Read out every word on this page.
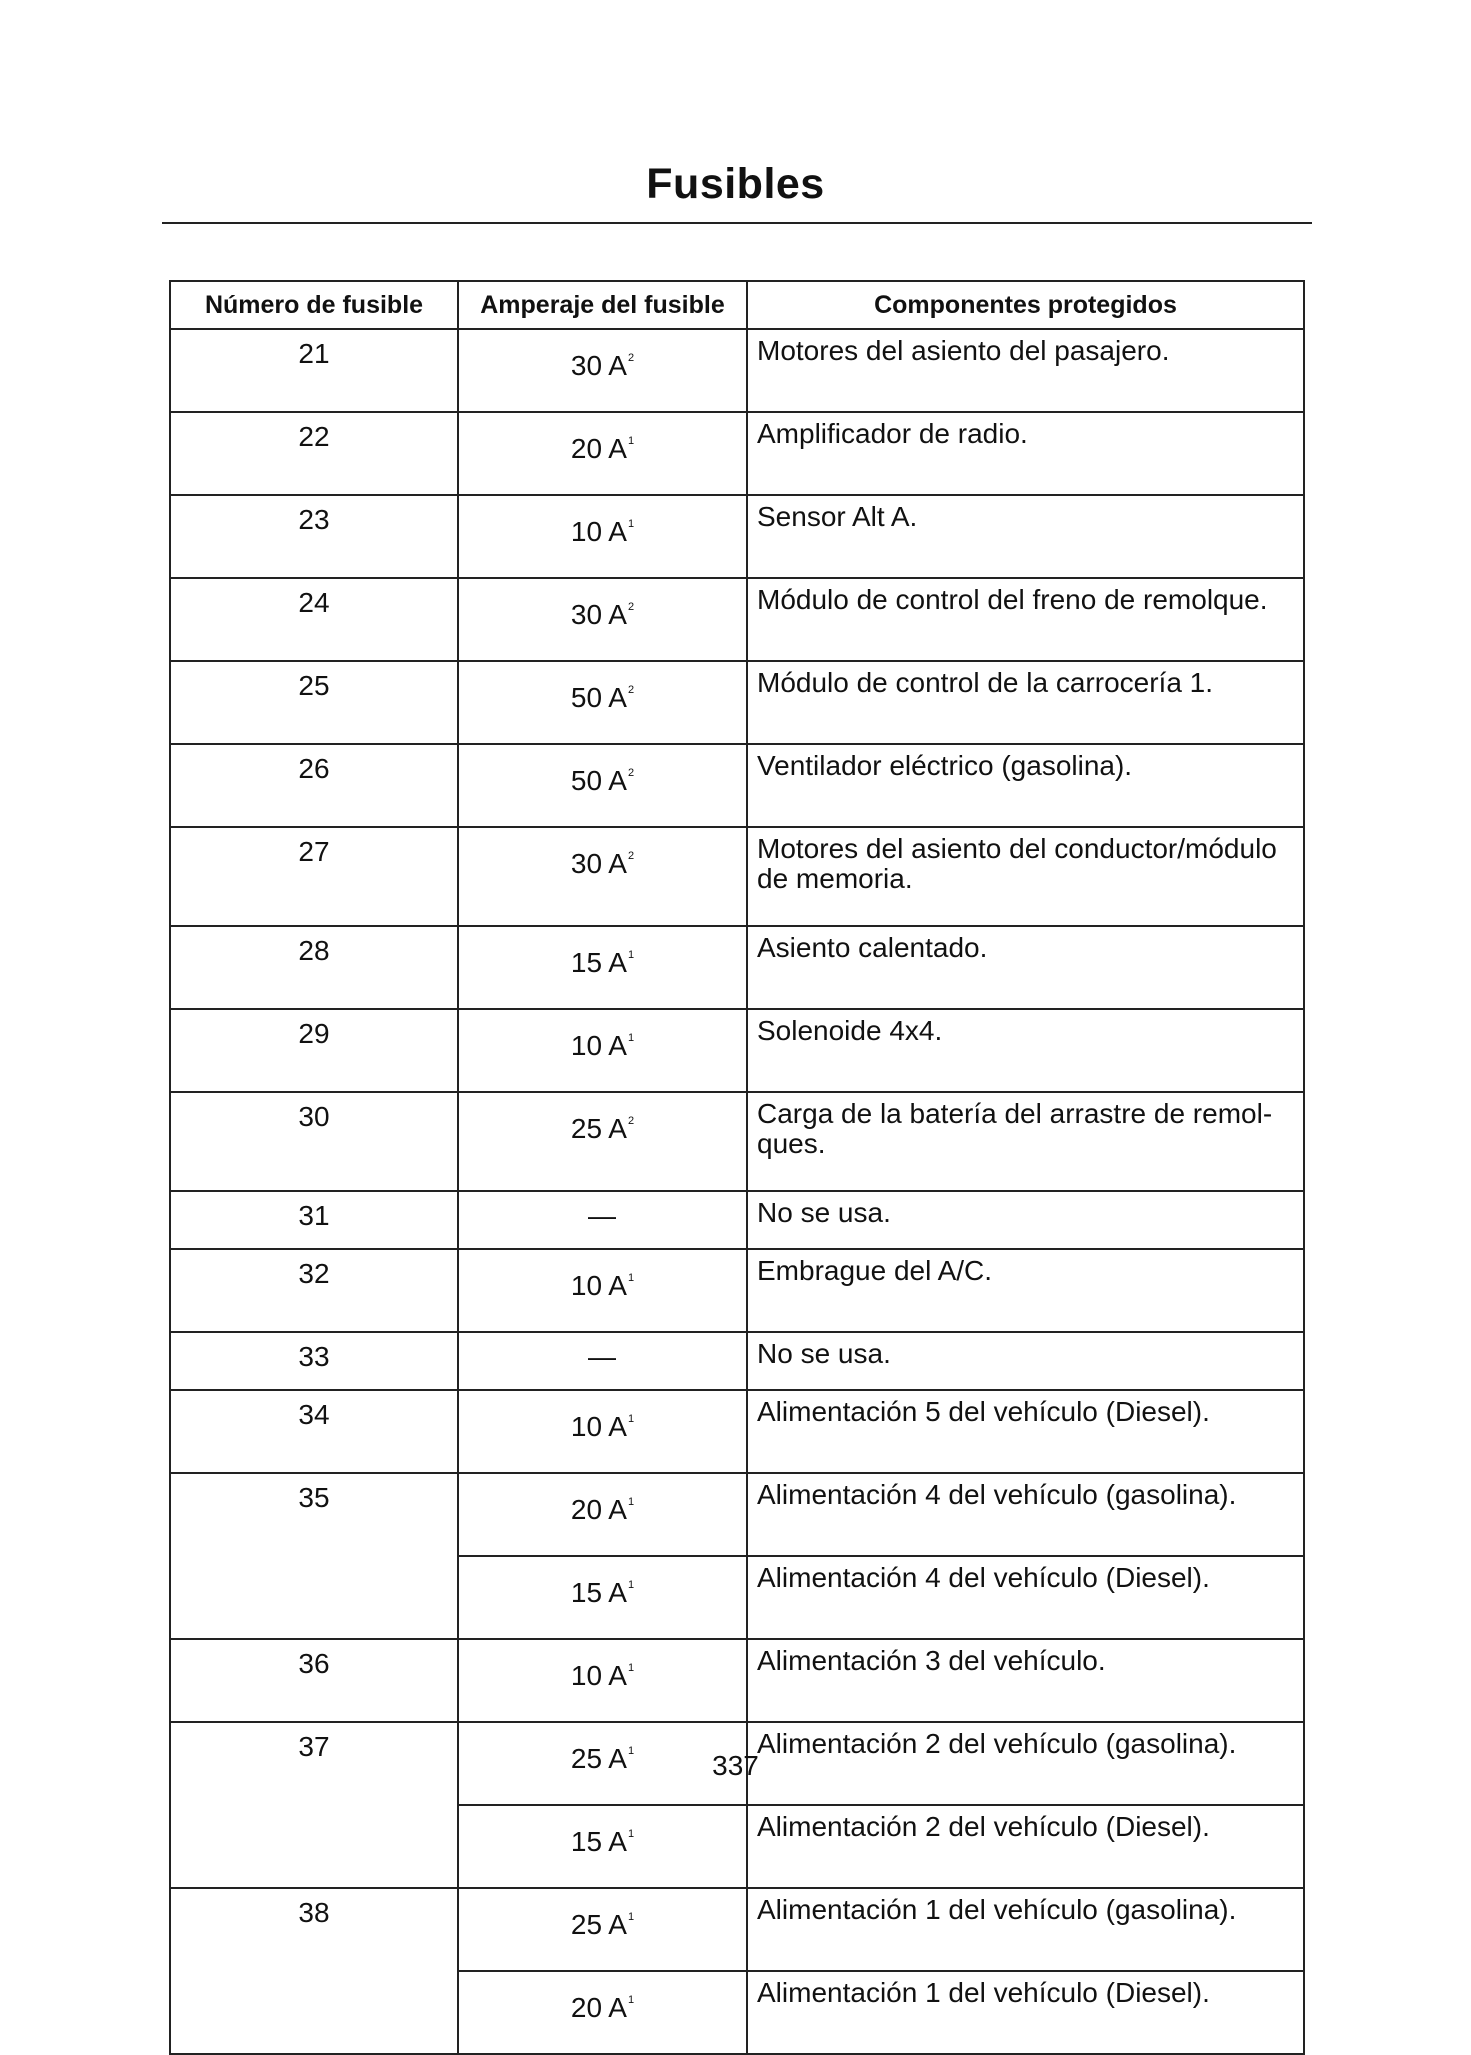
Fusibles
Número de fusible	Amperaje del fusible	Componentes protegidos
21	30 $A^2$	Motores del asiento del pasajero.
22	20 $A^1$	Amplificador de radio.
23	10 $A^1$	Sensor Alt A.
24	30 $A^2$	Módulo de control del freno de remolque.
25	50 $A^2$	Módulo de control de la carrocería 1.
26	50 $A^2$	Ventilador eléctrico (gasolina).
27	30 $A^2$	Motores del asiento del conductor/módulo de memoria.
28	15 $A^1$	Asiento calentado.
29	10 $A^1$	Solenoide 4x4.
30	25 $A^2$	Carga de la batería del arrastre de remol-ques.
31	—	No se usa.
32	10 $A^1$	Embrague del A/C.
33	—	No se usa.
34	10 $A^1$	Alimentación 5 del vehículo (Diesel).
35	20 $A^1$	Alimentación 4 del vehículo (gasolina).
	15 $A^1$	Alimentación 4 del vehículo (Diesel).
36	10 $A^1$	Alimentación 3 del vehículo.
37	25 $A^1$	Alimentación 2 del vehículo (gasolina).
	15 $A^1$	Alimentación 2 del vehículo (Diesel).
38	25 $A^1$	Alimentación 1 del vehículo (gasolina).
	20 $A^1$	Alimentación 1 del vehículo (Diesel).
337
